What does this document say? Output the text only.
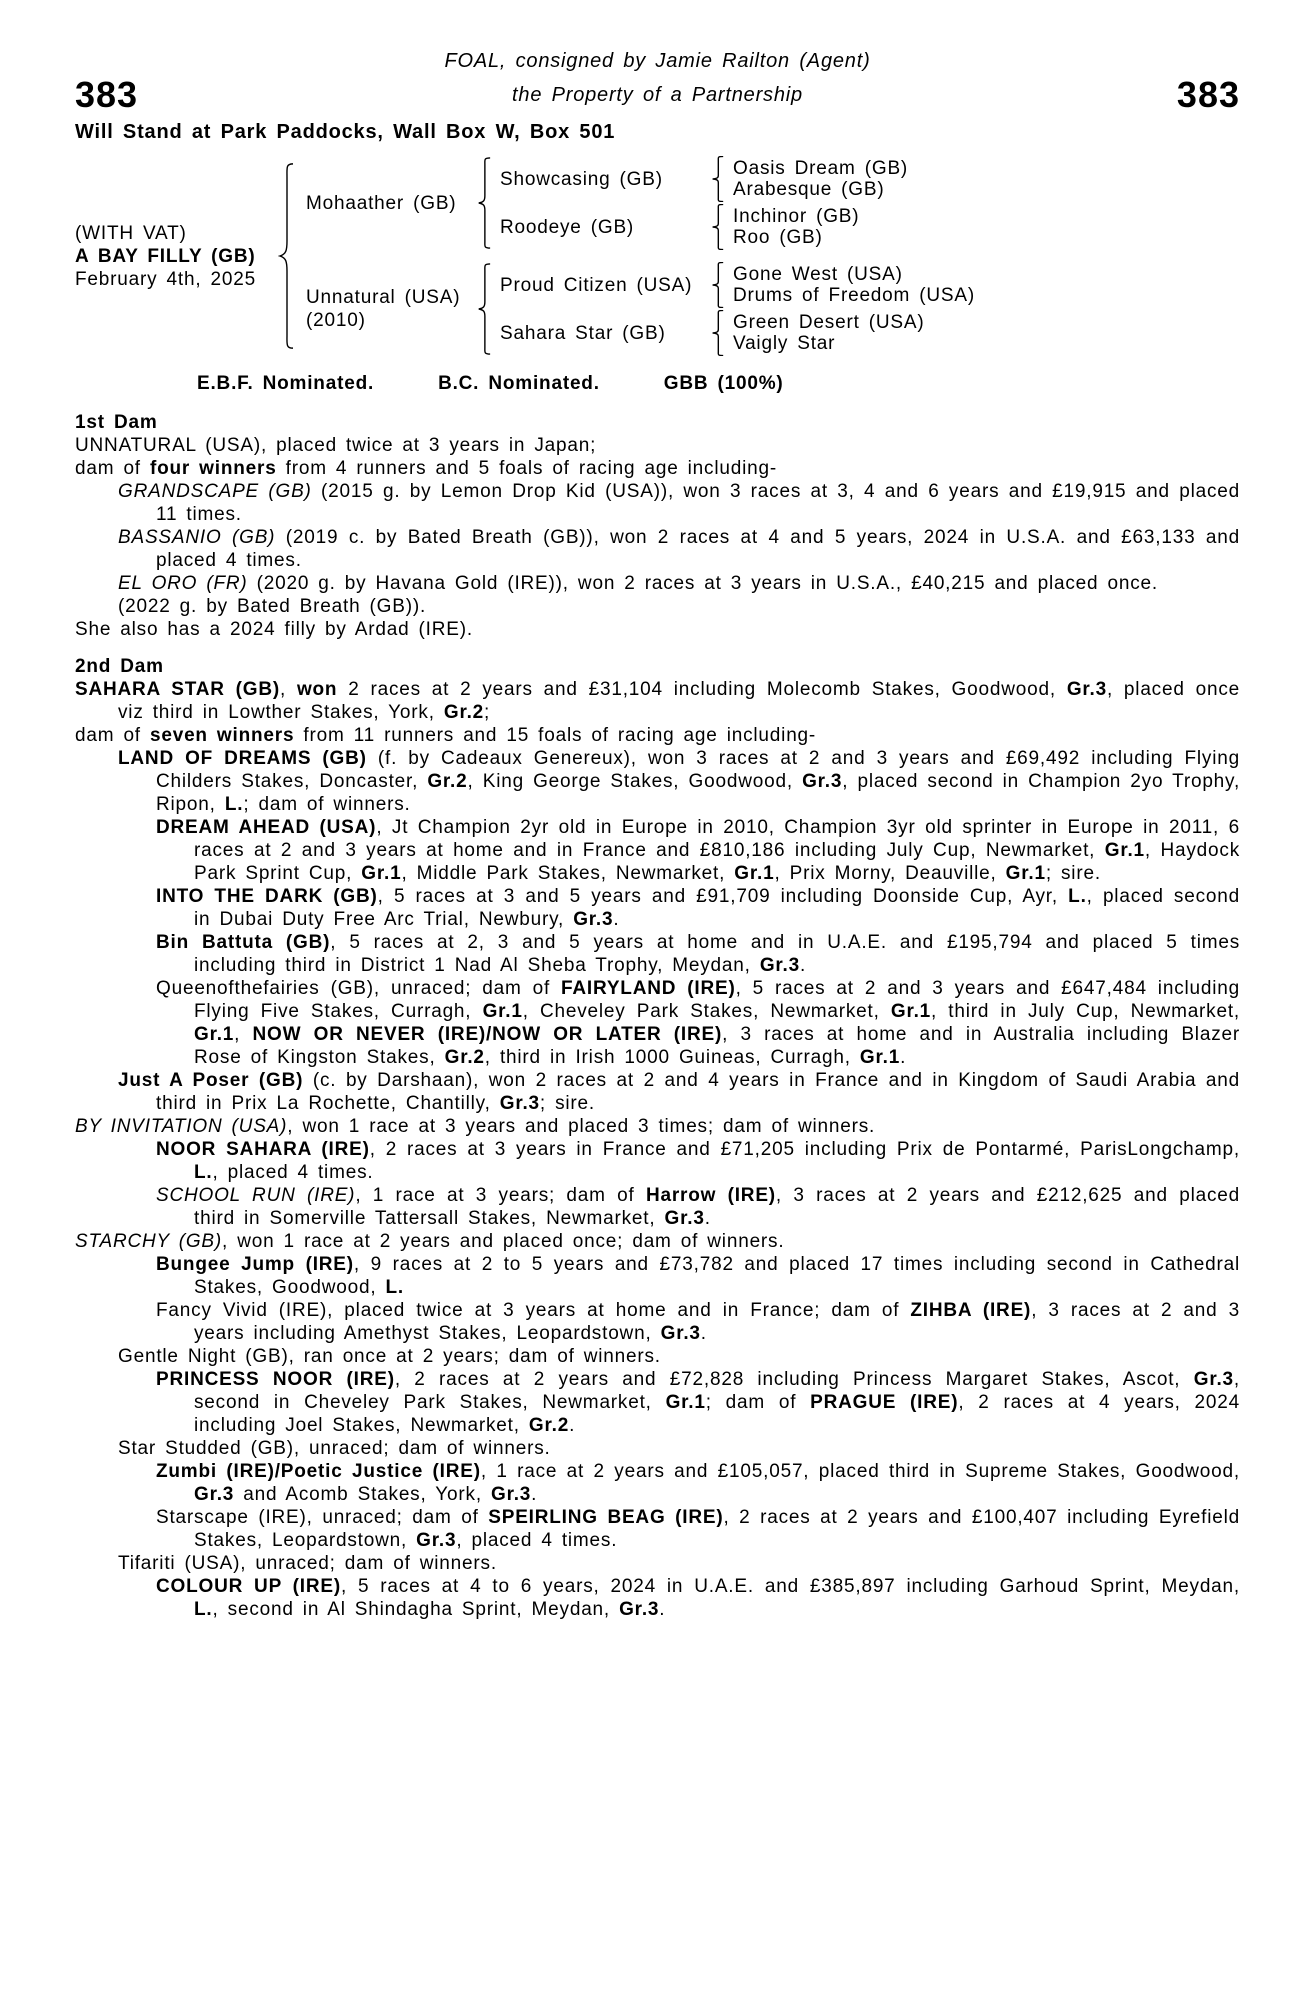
FOAL, consigned by Jamie Railton (Agent)
383	the Property of a Partnership	383
Will Stand at Park Paddocks, Wall Box W, Box 501
(WITH VAT)
A BAY FILLY (GB)
February 4th, 2025
Mohaather (GB)
Showcasing (GB)	Oasis Dream (GB)
Arabesque (GB)
Roodeye (GB)	Inchinor (GB)
Roo (GB)
Unnatural (USA)
(2010)
Proud Citizen (USA)	Gone West (USA)
Drums of Freedom (USA)
Sahara Star (GB)	Green Desert (USA)
Vaigly Star
E.B.F. Nominated.	B.C. Nominated.	GBB (100%)
1st Dam

UNNATURAL (USA), placed twice at 3 years in Japan;

dam of four winners from 4 runners and 5 foals of racing age including-

GRANDSCAPE (GB) (2015 g. by Lemon Drop Kid (USA)), won 3 races at 3, 4 and 6 years and £19,915 and placed 11 times.

BASSANIO (GB) (2019 c. by Bated Breath (GB)), won 2 races at 4 and 5 years, 2024 in U.S.A. and £63,133 and placed 4 times.

EL ORO (FR) (2020 g. by Havana Gold (IRE)), won 2 races at 3 years in U.S.A., £40,215 and placed once.

(2022 g. by Bated Breath (GB)).

She also has a 2024 filly by Ardad (IRE).

2nd Dam

SAHARA STAR (GB), won 2 races at 2 years and £31,104 including Molecomb Stakes, Goodwood, Gr.3, placed once viz third in Lowther Stakes, York, Gr.2;

dam of seven winners from 11 runners and 15 foals of racing age including-

LAND OF DREAMS (GB) (f. by Cadeaux Genereux), won 3 races at 2 and 3 years and £69,492 including Flying Childers Stakes, Doncaster, Gr.2, King George Stakes, Goodwood, Gr.3, placed second in Champion 2yo Trophy, Ripon, L.; dam of winners.

DREAM AHEAD (USA), Jt Champion 2yr old in Europe in 2010, Champion 3yr old sprinter in Europe in 2011, 6 races at 2 and 3 years at home and in France and £810,186 including July Cup, Newmarket, Gr.1, Haydock Park Sprint Cup, Gr.1, Middle Park Stakes, Newmarket, Gr.1, Prix Morny, Deauville, Gr.1; sire.

INTO THE DARK (GB), 5 races at 3 and 5 years and £91,709 including Doonside Cup, Ayr, L., placed second in Dubai Duty Free Arc Trial, Newbury, Gr.3.

Bin Battuta (GB), 5 races at 2, 3 and 5 years at home and in U.A.E. and £195,794 and placed 5 times including third in District 1 Nad Al Sheba Trophy, Meydan, Gr.3.

Queenofthefairies (GB), unraced; dam of FAIRYLAND (IRE), 5 races at 2 and 3 years and £647,484 including Flying Five Stakes, Curragh, Gr.1, Cheveley Park Stakes, Newmarket, Gr.1, third in July Cup, Newmarket, Gr.1, NOW OR NEVER (IRE)/NOW OR LATER (IRE), 3 races at home and in Australia including Blazer Rose of Kingston Stakes, Gr.2, third in Irish 1000 Guineas, Curragh, Gr.1.

Just A Poser (GB) (c. by Darshaan), won 2 races at 2 and 4 years in France and in Kingdom of Saudi Arabia and third in Prix La Rochette, Chantilly, Gr.3; sire.

BY INVITATION (USA), won 1 race at 3 years and placed 3 times; dam of winners.

NOOR SAHARA (IRE), 2 races at 3 years in France and £71,205 including Prix de Pontarmé, ParisLongchamp, L., placed 4 times.

SCHOOL RUN (IRE), 1 race at 3 years; dam of Harrow (IRE), 3 races at 2 years and £212,625 and placed third in Somerville Tattersall Stakes, Newmarket, Gr.3.

STARCHY (GB), won 1 race at 2 years and placed once; dam of winners.

Bungee Jump (IRE), 9 races at 2 to 5 years and £73,782 and placed 17 times including second in Cathedral Stakes, Goodwood, L.

Fancy Vivid (IRE), placed twice at 3 years at home and in France; dam of ZIHBA (IRE), 3 races at 2 and 3 years including Amethyst Stakes, Leopardstown, Gr.3.

Gentle Night (GB), ran once at 2 years; dam of winners.

PRINCESS NOOR (IRE), 2 races at 2 years and £72,828 including Princess Margaret Stakes, Ascot, Gr.3, second in Cheveley Park Stakes, Newmarket, Gr.1; dam of PRAGUE (IRE), 2 races at 4 years, 2024 including Joel Stakes, Newmarket, Gr.2.

Star Studded (GB), unraced; dam of winners.

Zumbi (IRE)/Poetic Justice (IRE), 1 race at 2 years and £105,057, placed third in Supreme Stakes, Goodwood, Gr.3 and Acomb Stakes, York, Gr.3.

Starscape (IRE), unraced; dam of SPEIRLING BEAG (IRE), 2 races at 2 years and £100,407 including Eyrefield Stakes, Leopardstown, Gr.3, placed 4 times.

Tifariti (USA), unraced; dam of winners.

COLOUR UP (IRE), 5 races at 4 to 6 years, 2024 in U.A.E. and £385,897 including Garhoud Sprint, Meydan, L., second in Al Shindagha Sprint, Meydan, Gr.3.
